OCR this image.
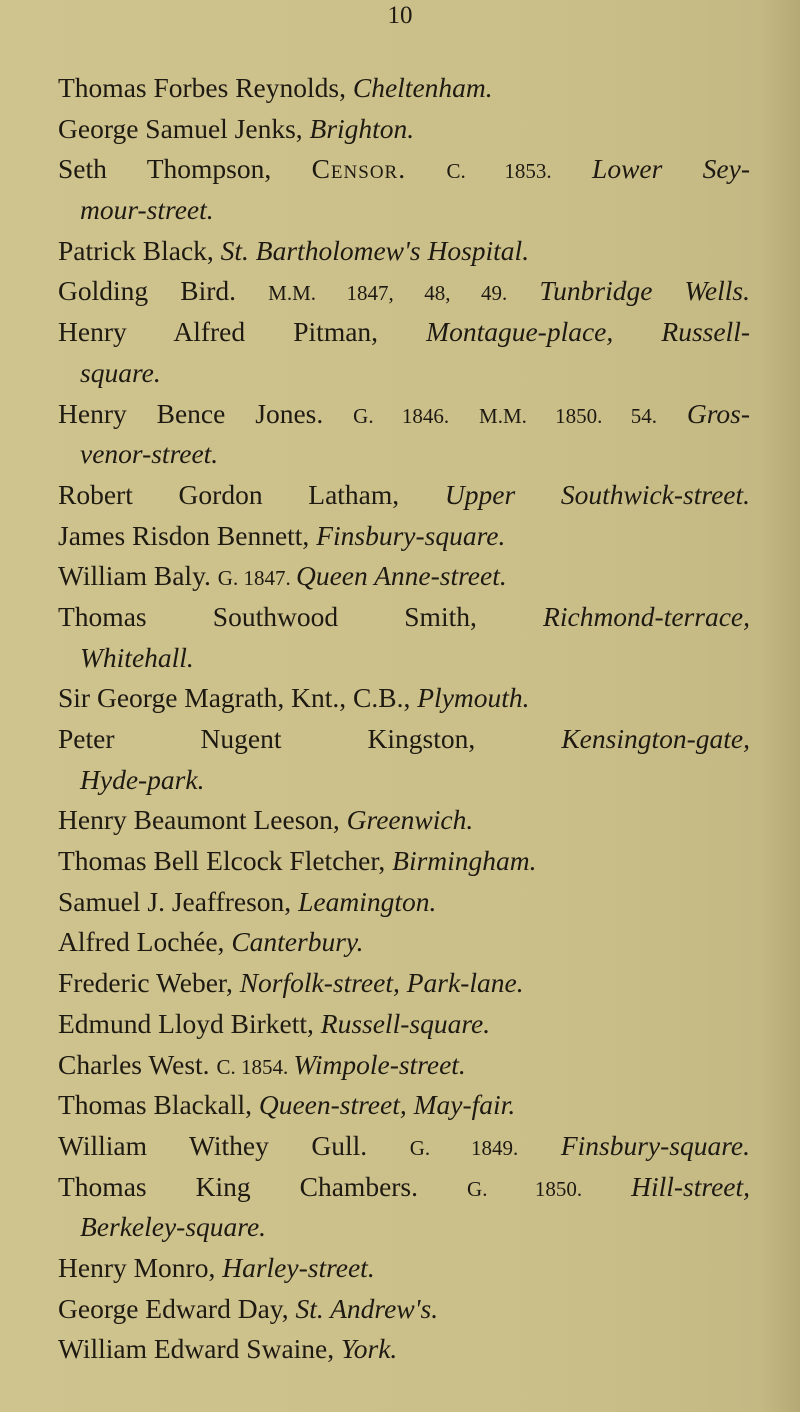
10
Thomas Forbes Reynolds, Cheltenham.
George Samuel Jenks, Brighton.
Seth Thompson, Censor. C. 1853. Lower Sey-
mour-street.
Patrick Black, St. Bartholomew's Hospital.
Golding Bird. M.M. 1847, 48, 49. Tunbridge Wells.
Henry Alfred Pitman, Montague-place, Russell-
square.
Henry Bence Jones. G. 1846. M.M. 1850. 54. Gros-
venor-street.
Robert Gordon Latham, Upper Southwick-street.
James Risdon Bennett, Finsbury-square.
William Baly. G. 1847. Queen Anne-street.
Thomas Southwood Smith, Richmond-terrace,
Whitehall.
Sir George Magrath, Knt., C.B., Plymouth.
Peter Nugent Kingston, Kensington-gate,
Hyde-park.
Henry Beaumont Leeson, Greenwich.
Thomas Bell Elcock Fletcher, Birmingham.
Samuel J. Jeaffreson, Leamington.
Alfred Lochée, Canterbury.
Frederic Weber, Norfolk-street, Park-lane.
Edmund Lloyd Birkett, Russell-square.
Charles West. C. 1854. Wimpole-street.
Thomas Blackall, Queen-street, May-fair.
William Withey Gull. G. 1849. Finsbury-square.
Thomas King Chambers. G. 1850. Hill-street,
Berkeley-square.
Henry Monro, Harley-street.
George Edward Day, St. Andrew's.
William Edward Swaine, York.
